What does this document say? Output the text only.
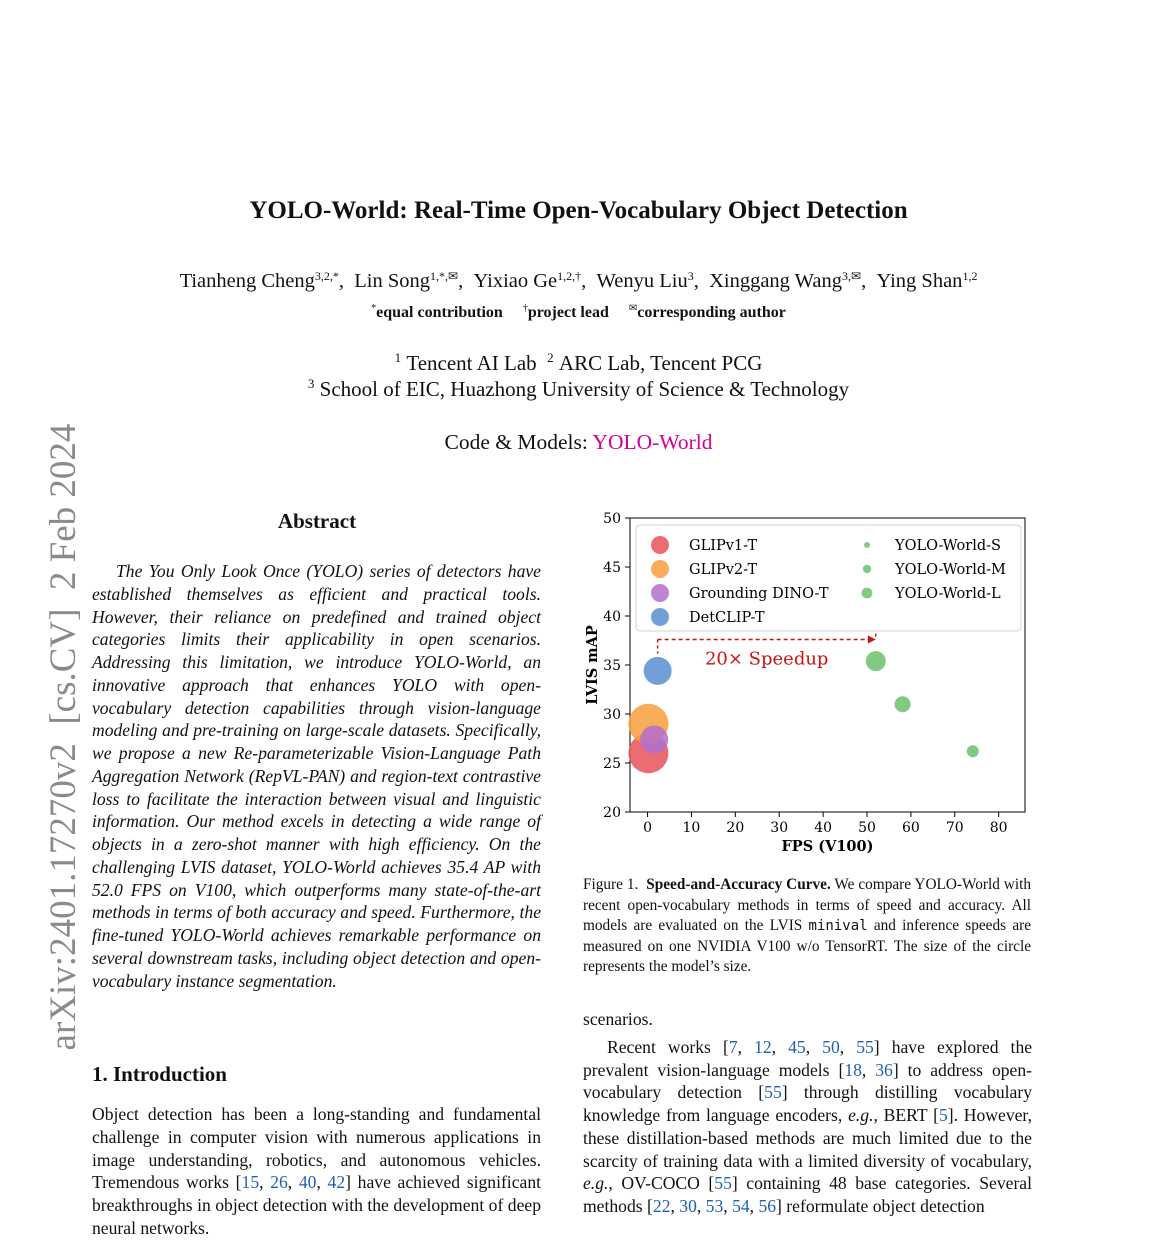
arXiv:2401.17270v2  [cs.CV]  2 Feb 2024
YOLO-World: Real-Time Open-Vocabulary Object Detection
Tianheng Cheng$^{3,2,*}$,  Lin Song$^{1,*,✉}$,  Yixiao $Ge^{1,2,\dagger}$,  Wenyu Liu$^3$,  Xinggang Wang$^{3,✉}$,  Ying Shan$^{1,2}$
*equal contribution †project lead ✉corresponding author
$^1$ Tencent AI Lab $^2$ ARC Lab, Tencent PCG
$^3$ School of EIC, Huazhong University of Science & Technology
Code & Models: YOLO-World
Abstract

The You Only Look Once (YOLO) series of detectors have established themselves as efficient and practical tools. However, their reliance on predefined and trained object categories limits their applicability in open scenarios. Addressing this limitation, we introduce YOLO-World, an innovative approach that enhances YOLO with open-vocabulary detection capabilities through vision-language modeling and pre-training on large-scale datasets. Specifically, we propose a new Re-parameterizable Vision-Language Path Aggregation Network (RepVL-PAN) and region-text contrastive loss to facilitate the interaction between visual and linguistic information. Our method excels in detecting a wide range of objects in a zero-shot manner with high efficiency. On the challenging LVIS dataset, YOLO-World achieves 35.4 AP with 52.0 FPS on V100, which outperforms many state-of-the-art methods in terms of both accuracy and speed. Furthermore, the fine-tuned YOLO-World achieves remarkable performance on several downstream tasks, including object detection and open-vocabulary instance segmentation.

1. Introduction

Object detection has been a long-standing and fundamental challenge in computer vision with numerous applications in image understanding, robotics, and autonomous vehicles. Tremendous works [15, 26, 40, 42] have achieved significant breakthroughs in object detection with the development of deep neural networks.

0 10 20 30 40 50 60 70 80
20
25
30
35
40
45
50
FPS (V100)
LVIS mAP	20× Speedup
GLIPv1-T
GLIPv2-T
Grounding DINO-T
DetCLIP-T
YOLO-World-S
YOLO-World-M
YOLO-World-L

Figure 1. Speed-and-Accuracy Curve. We compare YOLO-World with recent open-vocabulary methods in terms of speed and accuracy. All models are evaluated on the LVIS minival and inference speeds are measured on one NVIDIA V100 w/o TensorRT. The size of the circle represents the model’s size.

scenarios.

Recent works [7, 12, 45, 50, 55] have explored the prevalent vision-language models [18, 36] to address open-vocabulary detection [55] through distilling vocabulary knowledge from language encoders, e.g., BERT [5]. However, these distillation-based methods are much limited due to the scarcity of training data with a limited diversity of vocabulary, e.g., OV-COCO [55] containing 48 base categories. Several methods [22, 30, 53, 54, 56] reformulate object detection
